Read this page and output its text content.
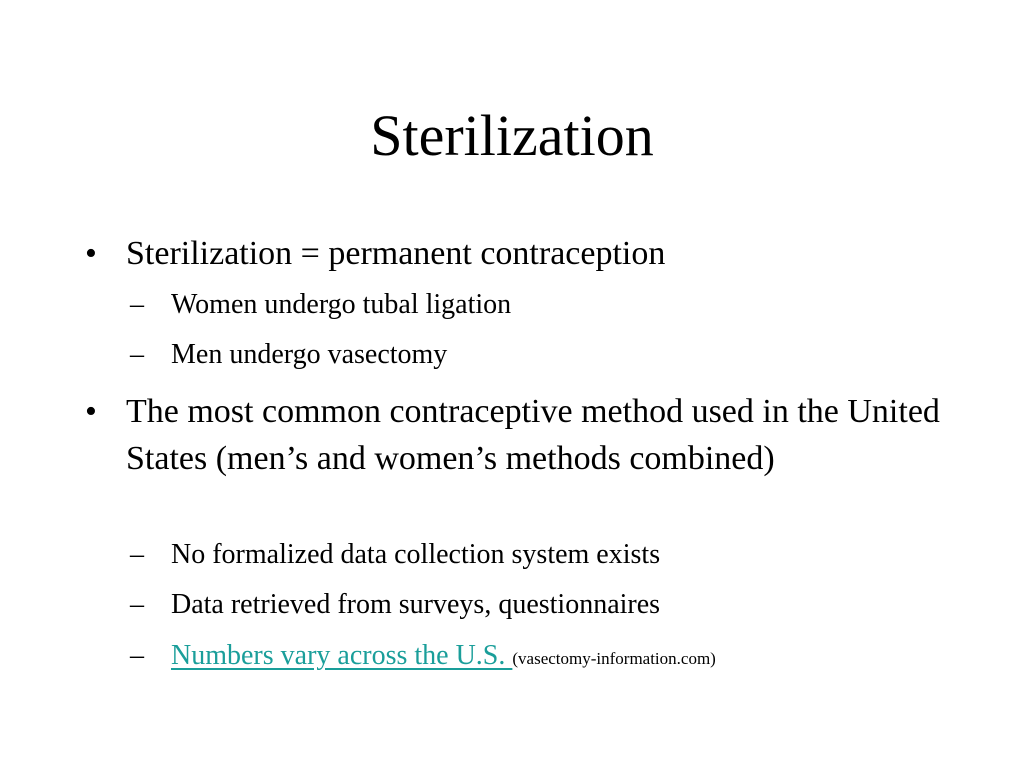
Sterilization
• Sterilization = permanent contraception
– Women undergo tubal ligation
– Men undergo vasectomy
• The most common contraceptive method used in the United States (men’s and women’s methods combined)
– No formalized data collection system exists
– Data retrieved from surveys, questionnaires
– Numbers vary across the U.S. (vasectomy-information.com)
